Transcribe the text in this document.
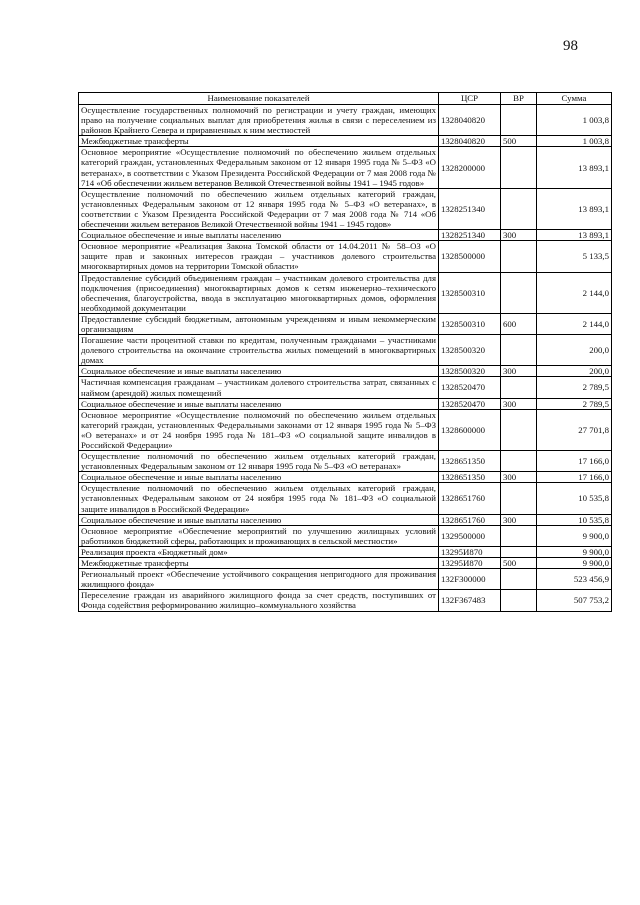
98
Наименование показателей	ЦСР	ВР	Сумма
Осуществление государственных полномочий по регистрации и учету граждан, имеющих право на получение социальных выплат для приобретения жилья в связи с переселением из районов Крайнего Севера и приравненных к ним местностей	1328040820		1 003,8
Межбюджетные трансферты	1328040820	500	1 003,8
Основное мероприятие «Осуществление полномочий по обеспечению жильем отдельных категорий граждан, установленных Федеральным законом от 12 января 1995 года № 5–ФЗ «О ветеранах», в соответствии с Указом Президента Российской Федерации от 7 мая 2008 года № 714 «Об обеспечении жильем ветеранов Великой Отечественной войны 1941 – 1945 годов»	1328200000		13 893,1
Осуществление полномочий по обеспечению жильем отдельных категорий граждан, установленных Федеральным законом от 12 января 1995 года № 5–ФЗ «О ветеранах», в соответствии с Указом Президента Российской Федерации от 7 мая 2008 года № 714 «Об обеспечении жильем ветеранов Великой Отечественной войны 1941 – 1945 годов»	1328251340		13 893,1
Социальное обеспечение и иные выплаты населению	1328251340	300	13 893,1
Основное мероприятие «Реализация Закона Томской области от 14.04.2011 № 58–ОЗ «О защите прав и законных интересов граждан – участников долевого строительства многоквартирных домов на территории Томской области»	1328500000		5 133,5
Предоставление субсидий объединениям граждан – участникам долевого строительства для подключения (присоединения) многоквартирных домов к сетям инженерно–технического обеспечения, благоустройства, ввода в эксплуатацию многоквартирных домов, оформления необходимой документации	1328500310		2 144,0
Предоставление субсидий бюджетным, автономным учреждениям и иным некоммерческим организациям	1328500310	600	2 144,0
Погашение части процентной ставки по кредитам, полученным гражданами – участниками долевого строительства на окончание строительства жилых помещений в многоквартирных домах	1328500320		200,0
Социальное обеспечение и иные выплаты населению	1328500320	300	200,0
Частичная компенсация гражданам – участникам долевого строительства затрат, связанных с наймом (арендой) жилых помещений	1328520470		2 789,5
Социальное обеспечение и иные выплаты населению	1328520470	300	2 789,5
Основное мероприятие «Осуществление полномочий по обеспечению жильем отдельных категорий граждан, установленных Федеральными законами от 12 января 1995 года № 5–ФЗ «О ветеранах» и от 24 ноября 1995 года № 181–ФЗ «О социальной защите инвалидов в Российской Федерации»	1328600000		27 701,8
Осуществление полномочий по обеспечению жильем отдельных категорий граждан, установленных Федеральным законом от 12 января 1995 года № 5–ФЗ «О ветеранах»	1328651350		17 166,0
Социальное обеспечение и иные выплаты населению	1328651350	300	17 166,0
Осуществление полномочий по обеспечению жильем отдельных категорий граждан, установленных Федеральным законом от 24 ноября 1995 года № 181–ФЗ «О социальной защите инвалидов в Российской Федерации»	1328651760		10 535,8
Социальное обеспечение и иные выплаты населению	1328651760	300	10 535,8
Основное мероприятие «Обеспечение мероприятий по улучшению жилищных условий работников бюджетной сферы, работающих и проживающих в сельской местности»	1329500000		9 900,0
Реализация проекта «Бюджетный дом»	13295И870		9 900,0
Межбюджетные трансферты	13295И870	500	9 900,0
Региональный проект «Обеспечение устойчивого сокращения непригодного для проживания жилищного фонда»	132F300000		523 456,9
Переселение граждан из аварийного жилищного фонда за счет средств, поступивших от Фонда содействия реформированию жилищно–коммунального хозяйства	132F367483		507 753,2
